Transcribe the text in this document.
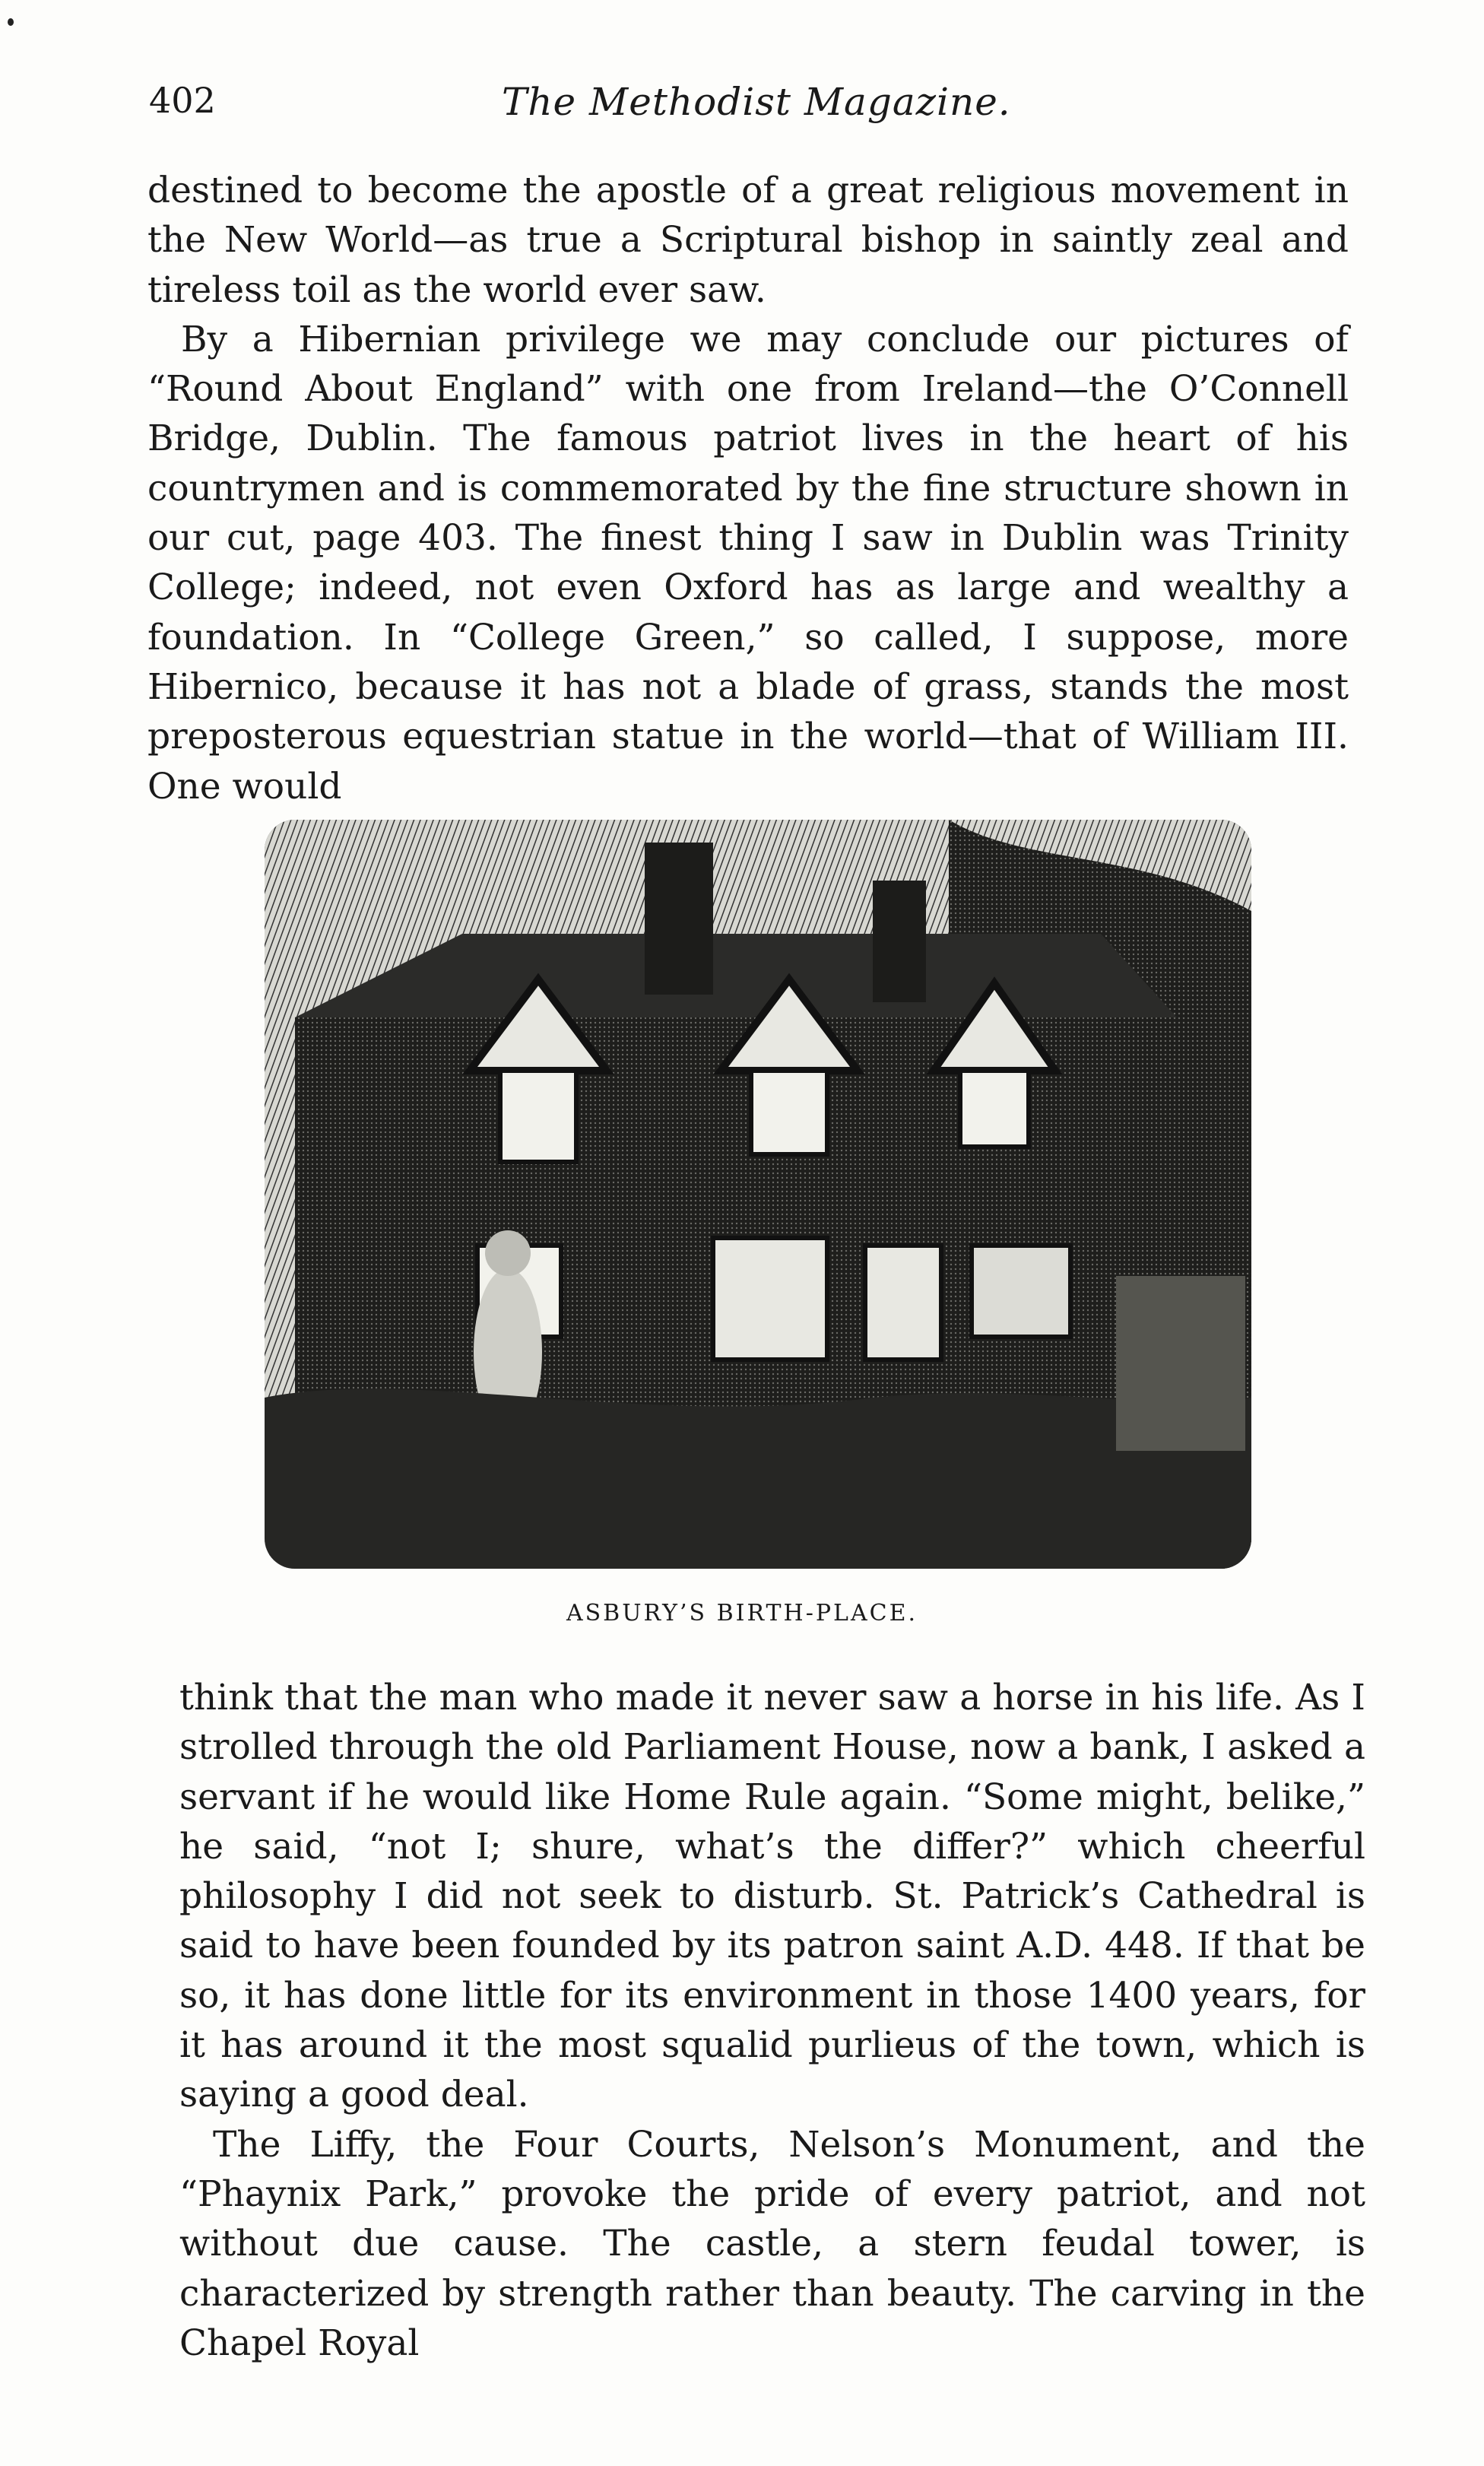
402	The Methodist Magazine.

destined to become the apostle of a great religious movement in the New World—as true a Scriptural bishop in saintly zeal and tireless toil as the world ever saw.

By a Hibernian privilege we may conclude our pictures of “Round About England” with one from Ireland—the O’Connell Bridge, Dublin. The famous patriot lives in the heart of his countrymen and is commemorated by the fine structure shown in our cut, page 403. The finest thing I saw in Dublin was Trinity College; indeed, not even Oxford has as large and wealthy a foundation. In “College Green,” so called, I suppose, more Hibernico, because it has not a blade of grass, stands the most preposterous equestrian statue in the world—that of William III. One would

ASBURY’S BIRTH-PLACE.

think that the man who made it never saw a horse in his life. As I strolled through the old Parliament House, now a bank, I asked a servant if he would like Home Rule again. “Some might, belike,” he said, “not I; shure, what’s the differ?” which cheerful philosophy I did not seek to disturb. St. Patrick’s Cathedral is said to have been founded by its patron saint A.D. 448. If that be so, it has done little for its environment in those 1400 years, for it has around it the most squalid purlieus of the town, which is saying a good deal.

The Liffy, the Four Courts, Nelson’s Monument, and the “Phaynix Park,” provoke the pride of every patriot, and not without due cause. The castle, a stern feudal tower, is characterized by strength rather than beauty. The carving in the Chapel Royal
